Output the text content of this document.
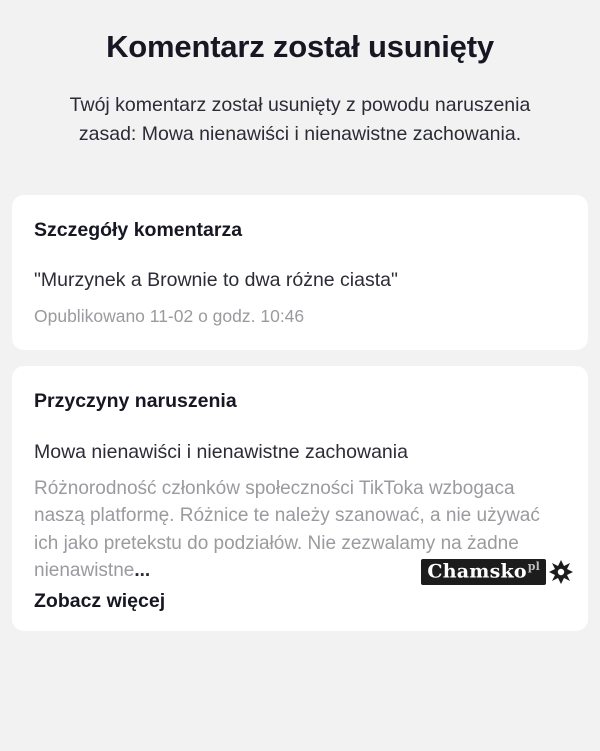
Komentarz został usunięty

Twój komentarz został usunięty z powodu naruszenia zasad: Mowa nienawiści i nienawistne zachowania.

Szczegóły komentarza

"Murzynek a Brownie to dwa różne ciasta"

Opublikowano 11-02 o godz. 10:46

Przyczyny naruszenia

Mowa nienawiści i nienawistne zachowania

Różnorodność członków społeczności TikToka wzbogaca naszą platformę. Różnice te należy szanować, a nie używać ich jako pretekstu do podziałów. Nie zezwalamy na żadne nienawistne...

Zobacz więcej
Chamsko$^{pl}$
